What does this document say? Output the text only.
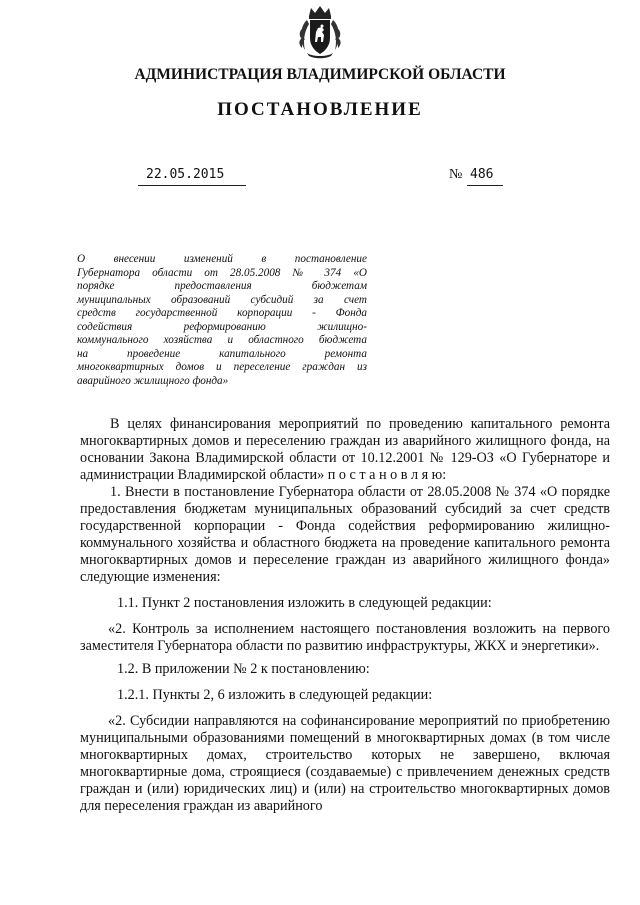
АДМИНИСТРАЦИЯ ВЛАДИМИРСКОЙ ОБЛАСТИ
ПОСТАНОВЛЕНИЕ
22.05.2015	№ 486
О внесении изменений в постановление
Губернатора области от 28.05.2008 № 374 «О
порядке предоставления бюджетам
муниципальных образований субсидий за счет
средств государственной корпорации - Фонда
содействия реформированию жилищно-
коммунального хозяйства и областного бюджета
на проведение капитального ремонта
многоквартирных домов и переселение граждан из
аварийного жилищного фонда»

В целях финансирования мероприятий по проведению капитального ремонта многоквартирных домов и переселению граждан из аварийного жилищного фонда, на основании Закона Владимирской области от 10.12.2001 № 129-ОЗ «О Губернаторе и администрации Владимирской области» п о с т а н о в л я ю:

1. Внести в постановление Губернатора области от 28.05.2008 № 374 «О порядке предоставления бюджетам муниципальных образований субсидий за счет средств государственной корпорации - Фонда содействия реформированию жилищно-коммунального хозяйства и областного бюджета на проведение капитального ремонта многоквартирных домов и переселение граждан из аварийного жилищного фонда» следующие изменения:

1.1. Пункт 2 постановления изложить в следующей редакции:

«2. Контроль за исполнением настоящего постановления возложить на первого заместителя Губернатора области по развитию инфраструктуры, ЖКХ и энергетики».

1.2. В приложении № 2 к постановлению:

1.2.1. Пункты 2, 6 изложить в следующей редакции:

«2. Субсидии направляются на софинансирование мероприятий по приобретению муниципальными образованиями помещений в многоквартирных домах (в том числе многоквартирных домах, строительство которых не завершено, включая многоквартирные дома, строящиеся (создаваемые) с привлечением денежных средств граждан и (или) юридических лиц) и (или) на строительство многоквартирных домов для переселения граждан из аварийного
